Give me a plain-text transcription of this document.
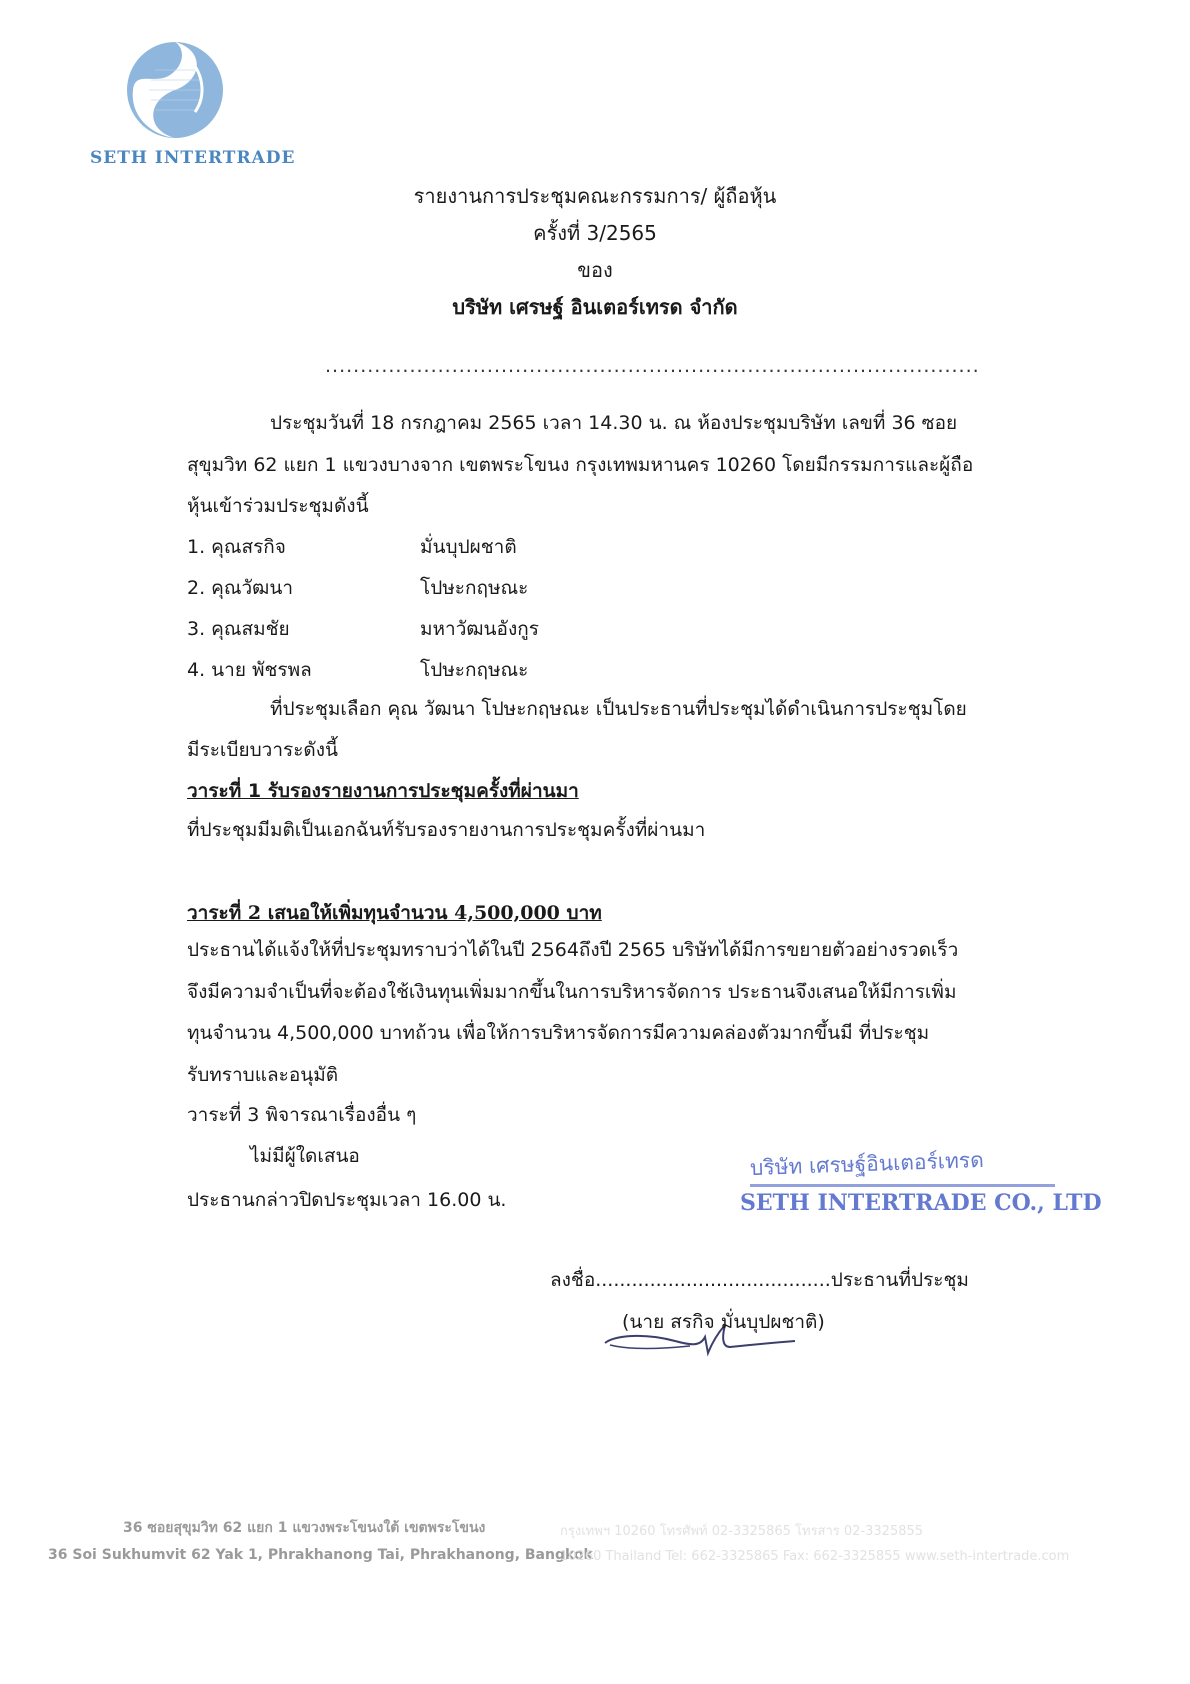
SETH INTERTRADE
รายงานการประชุมคณะกรรมการ/ ผู้ถือหุ้น
ครั้งที่ 3/2565
ของ
บริษัท เศรษฐ์ อินเตอร์เทรด จำกัด
.............................................................................................
ประชุมวันที่ 18 กรกฎาคม 2565 เวลา 14.30 น. ณ ห้องประชุมบริษัท เลขที่ 36 ซอย
สุขุมวิท 62 แยก 1 แขวงบางจาก เขตพระโขนง กรุงเทพมหานคร 10260 โดยมีกรรมการและผู้ถือ
หุ้นเข้าร่วมประชุมดังนี้
1. คุณสรกิจ	มั่นบุปผชาติ
2. คุณวัฒนา	โปษะกฤษณะ
3. คุณสมชัย	มหาวัฒนอังกูร
4. นาย พัชรพล	โปษะกฤษณะ
ที่ประชุมเลือก คุณ วัฒนา โปษะกฤษณะ เป็นประธานที่ประชุมได้ดำเนินการประชุมโดย
มีระเบียบวาระดังนี้
วาระที่ 1 รับรองรายงานการประชุมครั้งที่ผ่านมา
ที่ประชุมมีมติเป็นเอกฉันท์รับรองรายงานการประชุมครั้งที่ผ่านมา
วาระที่ 2 เสนอให้เพิ่มทุนจำนวน 4,500,000 บาท
ประธานได้แจ้งให้ที่ประชุมทราบว่าได้ในปี 2564ถึงปี 2565 บริษัทได้มีการขยายตัวอย่างรวดเร็ว
จึงมีความจำเป็นที่จะต้องใช้เงินทุนเพิ่มมากขึ้นในการบริหารจัดการ ประธานจึงเสนอให้มีการเพิ่ม
ทุนจำนวน 4,500,000 บาทถ้วน เพื่อให้การบริหารจัดการมีความคล่องตัวมากขึ้นมี ที่ประชุม
รับทราบและอนุมัติ
วาระที่ 3 พิจารณาเรื่องอื่น ๆ
ไม่มีผู้ใดเสนอ
ประธานกล่าวปิดประชุมเวลา 16.00 น.
บริษัท เศรษฐ์อินเตอร์เทรด
SETH INTERTRADE CO., LTD
ลงชื่อ.......................................ประธานที่ประชุม
(นาย สรกิจ มั่นบุปผชาติ)
36 ซอยสุขุมวิท 62 แยก 1 แขวงพระโขนงใต้ เขตพระโขนง
36 Soi Sukhumvit 62 Yak 1, Phrakhanong Tai, Phrakhanong, Bangkok
กรุงเทพฯ 10260 โทรศัพท์ 02-3325865 โทรสาร 02-3325855
10260 Thailand Tel: 662-3325865 Fax: 662-3325855 www.seth-intertrade.com
